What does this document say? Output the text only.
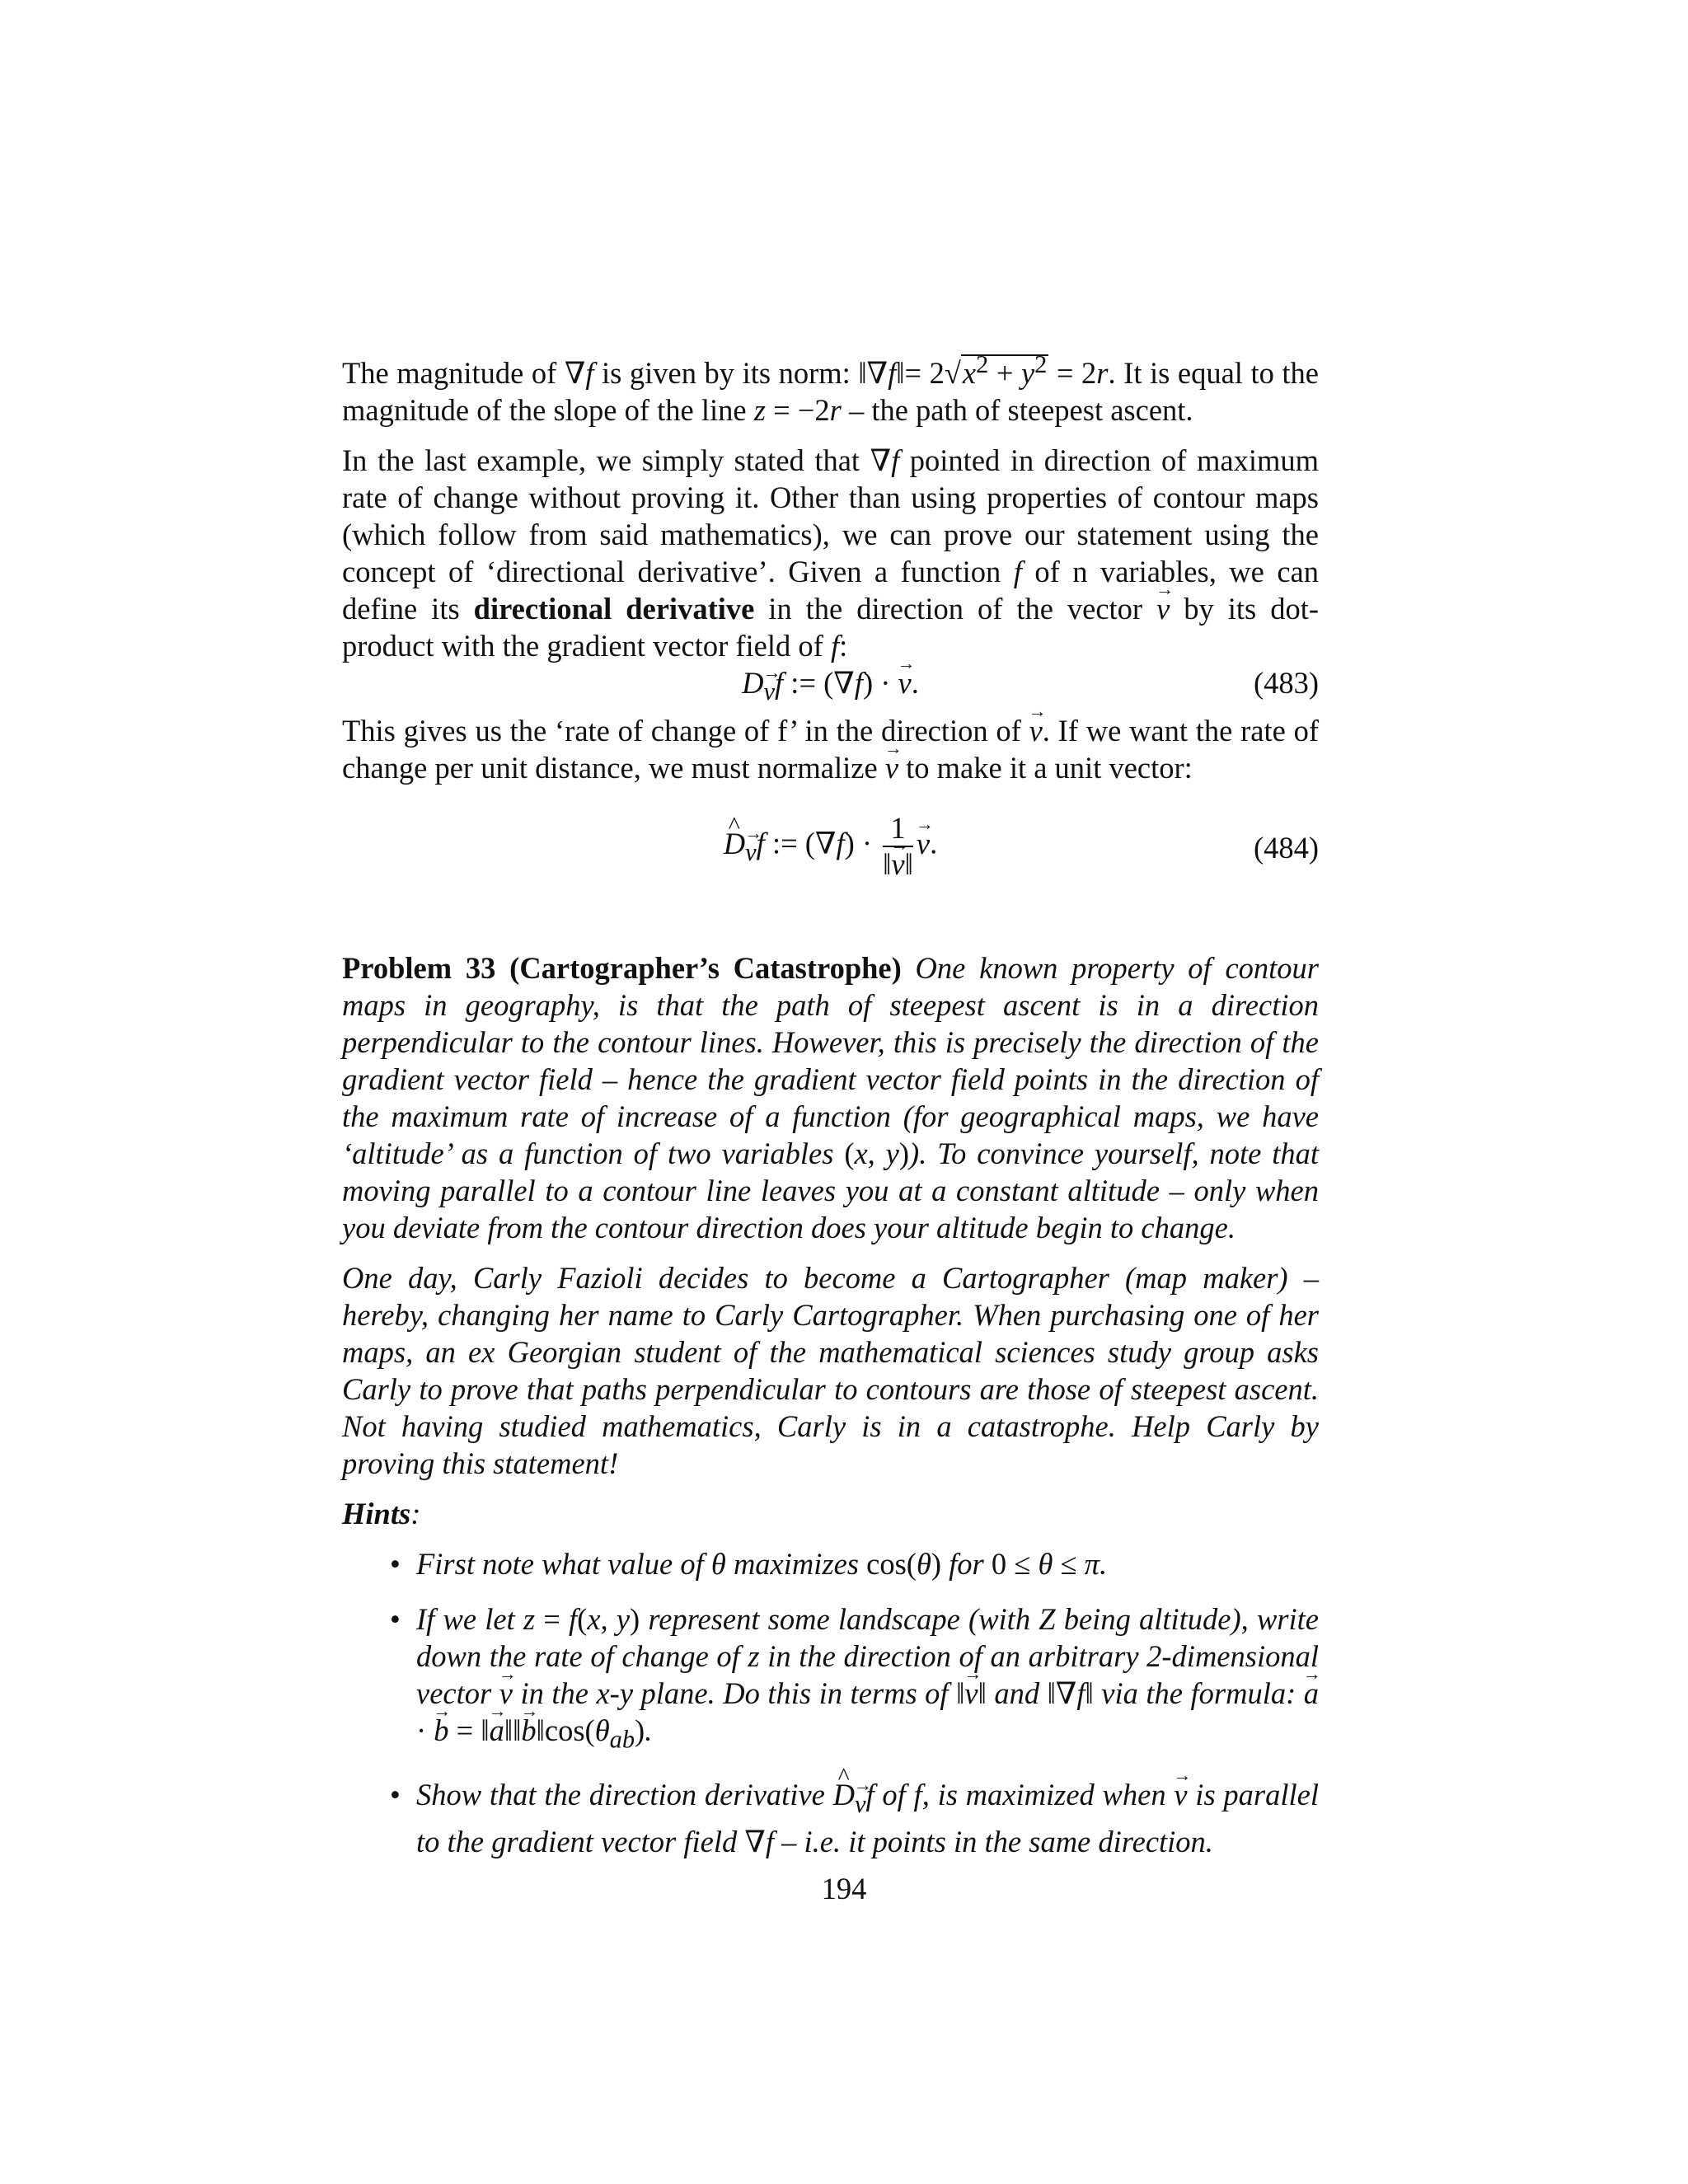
The magnitude of ∇f is given by its norm: ‖∇f‖= $2√x^2 + y^2 = 2r$. It is equal to the magnitude of the slope of the line z = −2r – the path of steepest ascent.

In the last example, we simply stated that ∇f pointed in direction of maximum rate of change without proving it. Other than using properties of contour maps (which follow from said mathematics), we can prove our statement using the concept of ‘directional derivative’. Given a function f of n variables, we can define its directional derivative in the direction of the vector → v by its dot-product with the gradient vector field of f:

D→ $_v$f := (∇f) · → v.	(483)

This gives us the ‘rate of change of f’ in the direction of → v. If we want the rate of change per unit distance, we must normalize → v to make it a unit vector:

^ D→ $_v$f := $(\nabla f) \cdot \frac{1}{‖\to v‖}$
→ v.	(484)

Problem 33 (Cartographer’s Catastrophe) One known property of contour maps in geography, is that the path of steepest ascent is in a direction perpendicular to the contour lines. However, this is precisely the direction of the gradient vector field – hence the gradient vector field points in the direction of the maximum rate of increase of a function (for geographical maps, we have ‘altitude’ as a function of two variables (x, y)). To convince yourself, note that moving parallel to a contour line leaves you at a constant altitude – only when you deviate from the contour direction does your altitude begin to change.

One day, Carly Fazioli decides to become a Cartographer (map maker) – hereby, changing her name to Carly Cartographer. When purchasing one of her maps, an ex Georgian student of the mathematical sciences study group asks Carly to prove that paths perpendicular to contours are those of steepest ascent. Not having studied mathematics, Carly is in a catastrophe. Help Carly by proving this statement!

Hints:

• First note what value of θ maximizes cos(θ) for 0 ≤ θ ≤ π.
• If we let z = f(x, y) represent some landscape (with Z being altitude), write down the rate of change of z in the direction of an arbitrary 2-dimensional vector → v in the x-y plane. Do this in terms of ‖→ v‖ and ‖∇f‖ via the formula: → a · → b = ‖→ a‖‖→ $b‖\cos(\theta_{ab})$.
• Show that the direction derivative ^ D→ $_v$f of f, is maximized when → v is parallel to the gradient vector field ∇f – i.e. it points in the same direction.
194
